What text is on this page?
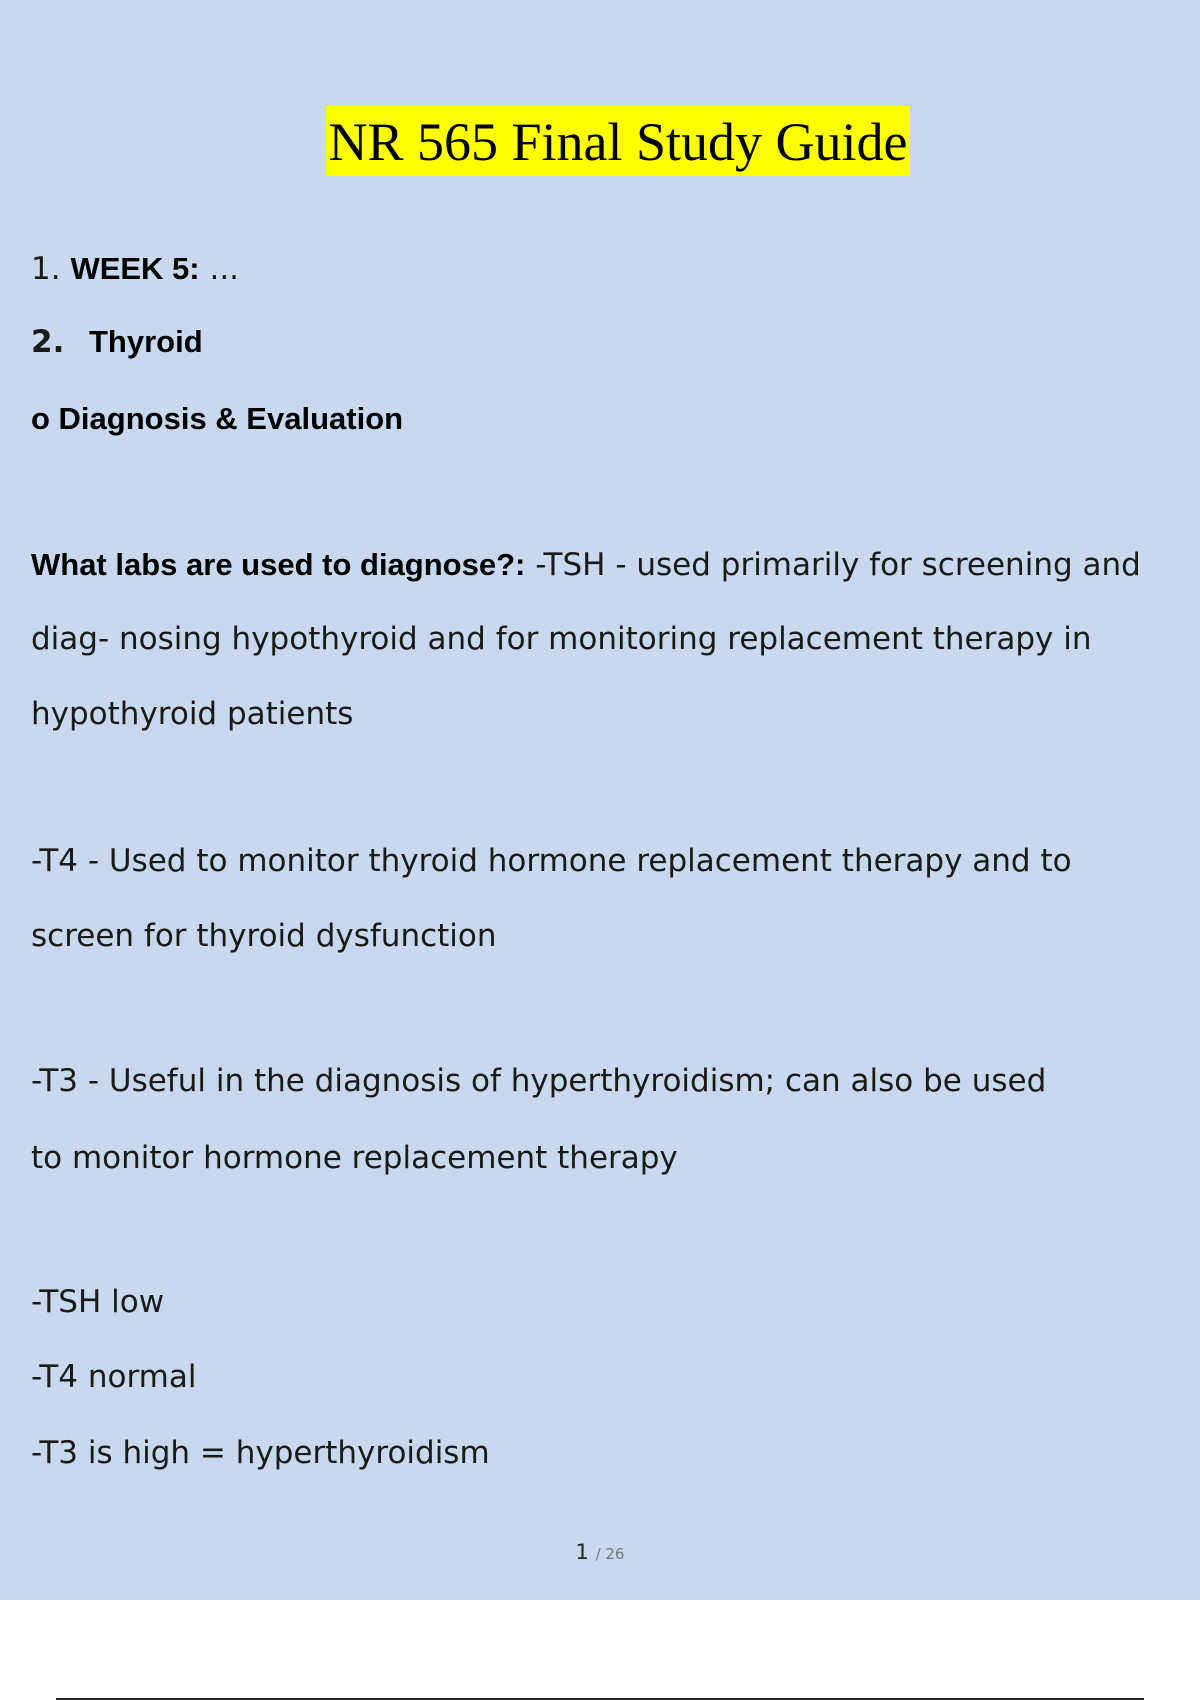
NR 565 Final Study Guide
1. WEEK 5: ...
2. Thyroid
o Diagnosis & Evaluation
What labs are used to diagnose?: -TSH - used primarily for screening and
diag- nosing hypothyroid and for monitoring replacement therapy in
hypothyroid patients
-T4 - Used to monitor thyroid hormone replacement therapy and to
screen for thyroid dysfunction
-T3 - Useful in the diagnosis of hyperthyroidism; can also be used
to monitor hormone replacement therapy
-TSH low
-T4 normal
-T3 is high = hyperthyroidism
1 / 26
